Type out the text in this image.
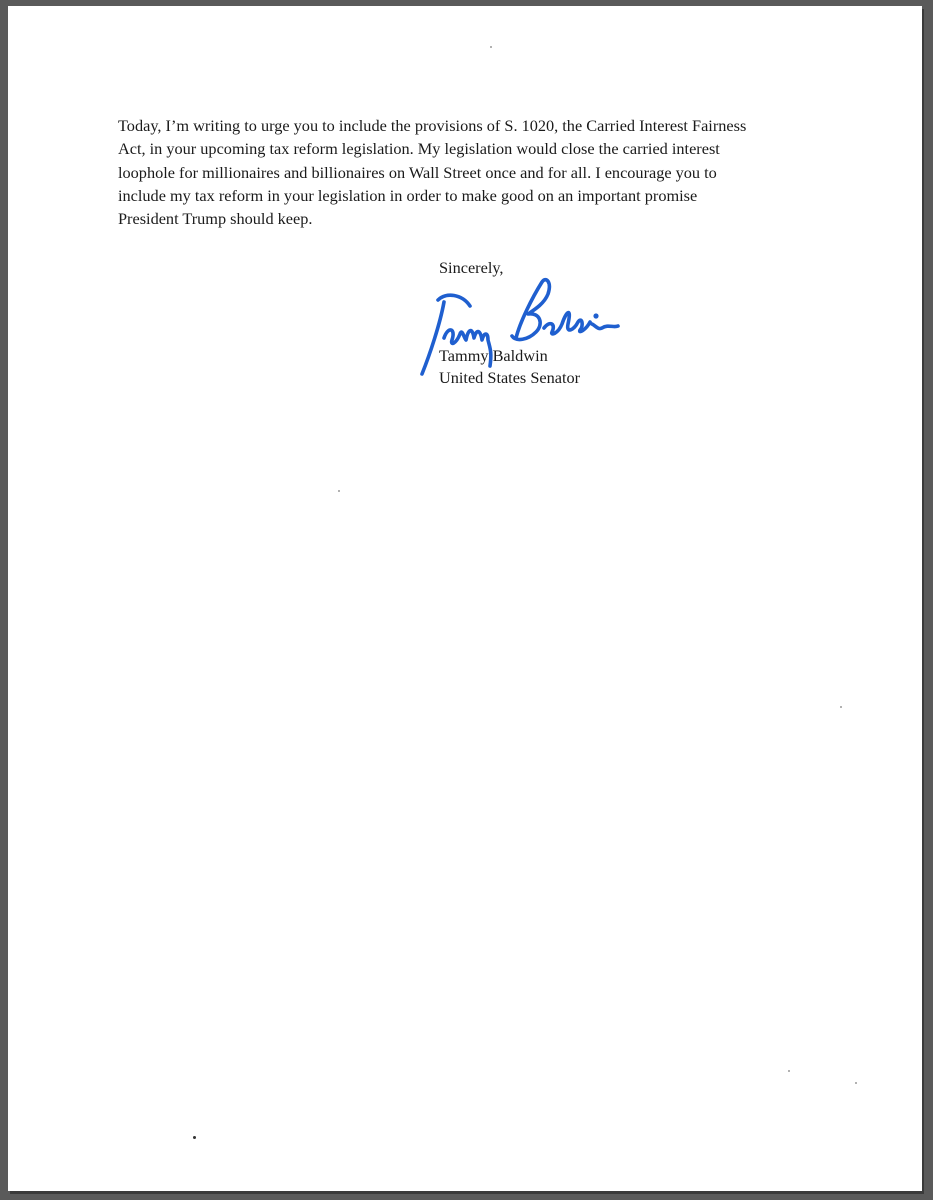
Today, I’m writing to urge you to include the provisions of S. 1020, the Carried Interest Fairness
Act, in your upcoming tax reform legislation. My legislation would close the carried interest
loophole for millionaires and billionaires on Wall Street once and for all. I encourage you to
include my tax reform in your legislation in order to make good on an important promise
President Trump should keep.

Sincerely,

Tammy Baldwin

United States Senator
